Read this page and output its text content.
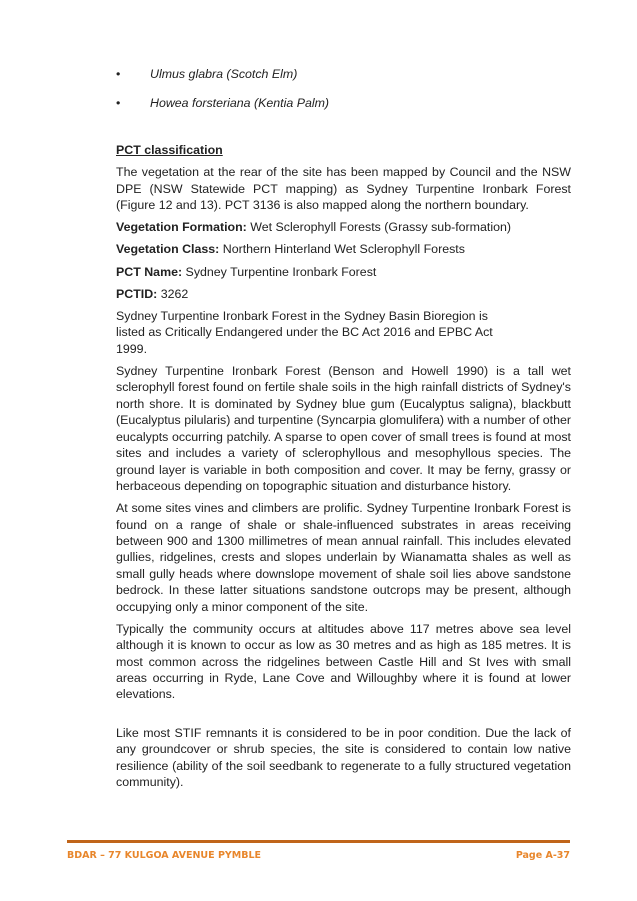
• Ulmus glabra (Scotch Elm)
• Howea forsteriana (Kentia Palm)
PCT classification

The vegetation at the rear of the site has been mapped by Council and the NSW DPE (NSW Statewide PCT mapping) as Sydney Turpentine Ironbark Forest (Figure 12 and 13). PCT 3136 is also mapped along the northern boundary.

Vegetation Formation: Wet Sclerophyll Forests (Grassy sub-formation)

Vegetation Class: Northern Hinterland Wet Sclerophyll Forests

PCT Name: Sydney Turpentine Ironbark Forest

PCTID: 3262

Sydney Turpentine Ironbark Forest in the Sydney Basin Bioregion is listed as Critically Endangered under the BC Act 2016 and EPBC Act 1999.

Sydney Turpentine Ironbark Forest (Benson and Howell 1990) is a tall wet sclerophyll forest found on fertile shale soils in the high rainfall districts of Sydney's north shore. It is dominated by Sydney blue gum (Eucalyptus saligna), blackbutt (Eucalyptus pilularis) and turpentine (Syncarpia glomulifera) with a number of other eucalypts occurring patchily. A sparse to open cover of small trees is found at most sites and includes a variety of sclerophyllous and mesophyllous species. The ground layer is variable in both composition and cover. It may be ferny, grassy or herbaceous depending on topographic situation and disturbance history.

At some sites vines and climbers are prolific. Sydney Turpentine Ironbark Forest is found on a range of shale or shale-influenced substrates in areas receiving between 900 and 1300 millimetres of mean annual rainfall. This includes elevated gullies, ridgelines, crests and slopes underlain by Wianamatta shales as well as small gully heads where downslope movement of shale soil lies above sandstone bedrock. In these latter situations sandstone outcrops may be present, although occupying only a minor component of the site.

Typically the community occurs at altitudes above 117 metres above sea level although it is known to occur as low as 30 metres and as high as 185 metres. It is most common across the ridgelines between Castle Hill and St Ives with small areas occurring in Ryde, Lane Cove and Willoughby where it is found at lower elevations.

Like most STIF remnants it is considered to be in poor condition. Due the lack of any groundcover or shrub species, the site is considered to contain low native resilience (ability of the soil seedbank to regenerate to a fully structured vegetation community).

BDAR – 77 KULGOA AVENUE PYMBLE	Page A-37
